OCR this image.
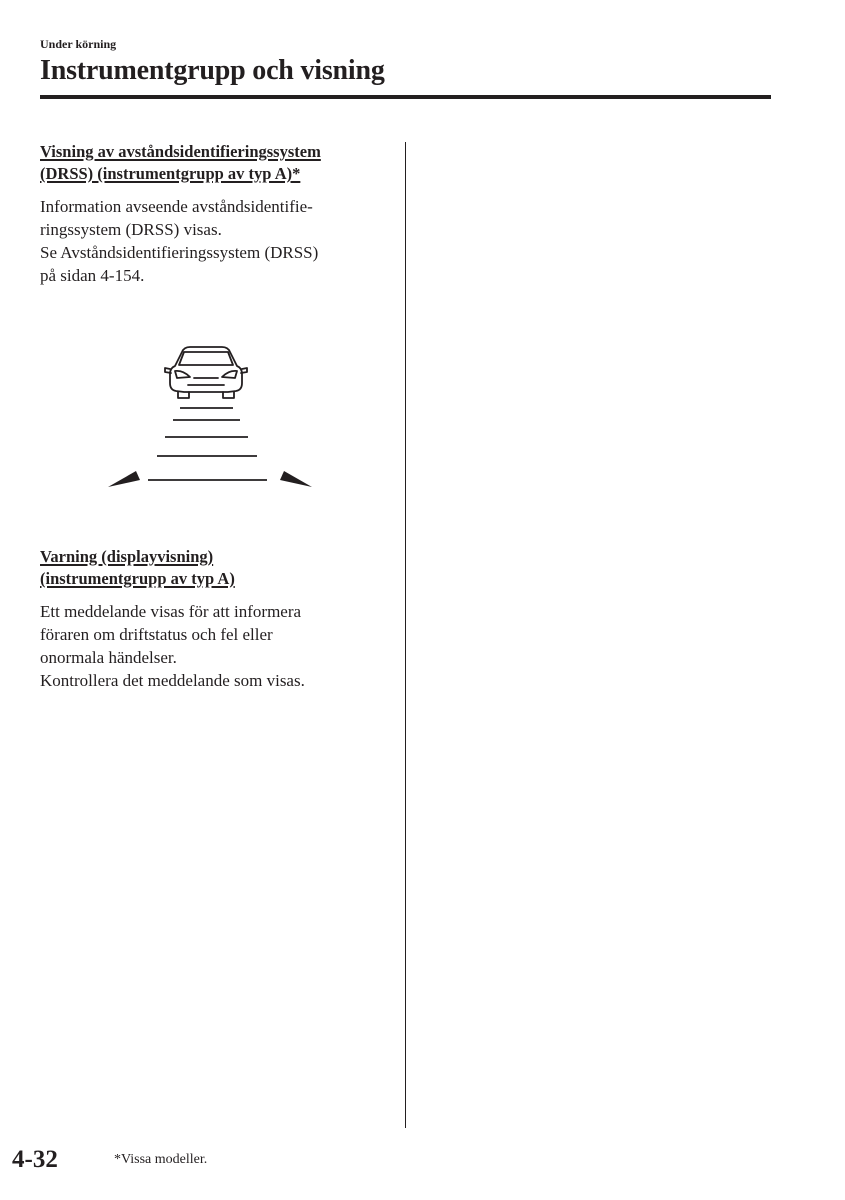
Under körning
Instrumentgrupp och visning
Visning av avståndsidentifieringssystem
(DRSS) (instrumentgrupp av typ A)*
Information avseende avståndsidentifie-
ringssystem (DRSS) visas.
Se Avståndsidentifieringssystem (DRSS)
på sidan 4-154.
Varning (displayvisning)
(instrumentgrupp av typ A)
Ett meddelande visas för att informera
föraren om driftstatus och fel eller
onormala händelser.
Kontrollera det meddelande som visas.
4-32	*Vissa modeller.
